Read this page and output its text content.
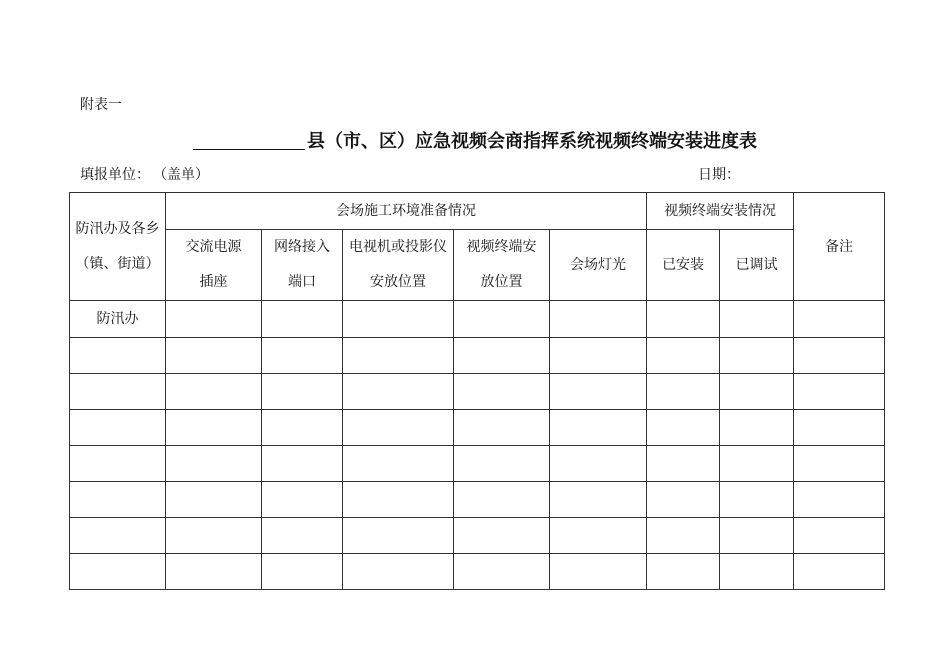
附表一
县（市、区）应急视频会商指挥系统视频终端安装进度表
填报单位： （盖单）	日期：
防汛办及各乡（镇、街道）	会场施工环境准备情况					视频终端安装情况		备注
	交流电源插座	网络接入端口	电视机或投影仪安放位置	视频终端安放位置	会场灯光	已安装	已调试	
防汛办								
